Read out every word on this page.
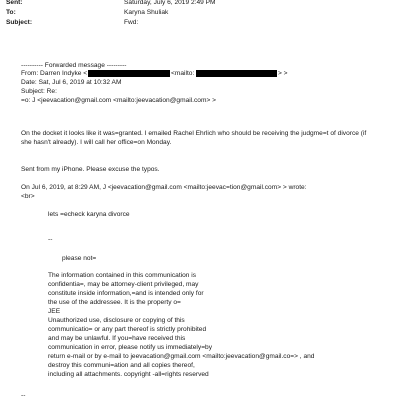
Sent:	Saturday, July 6, 2019 2:49 PM
To:	Karyna Shuliak
Subject:	Fwd:
---------- Forwarded message ---------
From: Darren Indyke <	<mailto:	> >
Date: Sat, Jul 6, 2019 at 10:32 AM
Subject: Re:
=o: J <jeevacation@gmail.com <mailto:jeevacation@gmail.com> >
On the docket it looks like it was=granted. I emailed Rachel Ehrlich who should be receiving the judgme=t of divorce (if
she hasn't already). I will call her office=on Monday.
Sent from my iPhone. Please excuse the typos.
On Jul 6, 2019, at 8:29 AM, J <jeevacation@gmail.com <mailto:jeevac=tion@gmail.com> > wrote:
<br>
lets =echeck karyna divorce
--
please not=
The information contained in this communication is
confidentia=, may be attorney-client privileged, may
constitute inside information,=and is intended only for
the use of the addressee. It is the property o=
JEE
Unauthorized use, disclosure or copying of this
communicatio= or any part thereof is strictly prohibited
and may be unlawful. If you=have received this
communication in error, please notify us immediately=by
return e-mail or by e-mail to jeevacation@gmail.com <mailto:jeevacation@gmail.co=> , and
destroy this communi=ation and all copies thereof,
including all attachments. copyright -all=rights reserved
--
